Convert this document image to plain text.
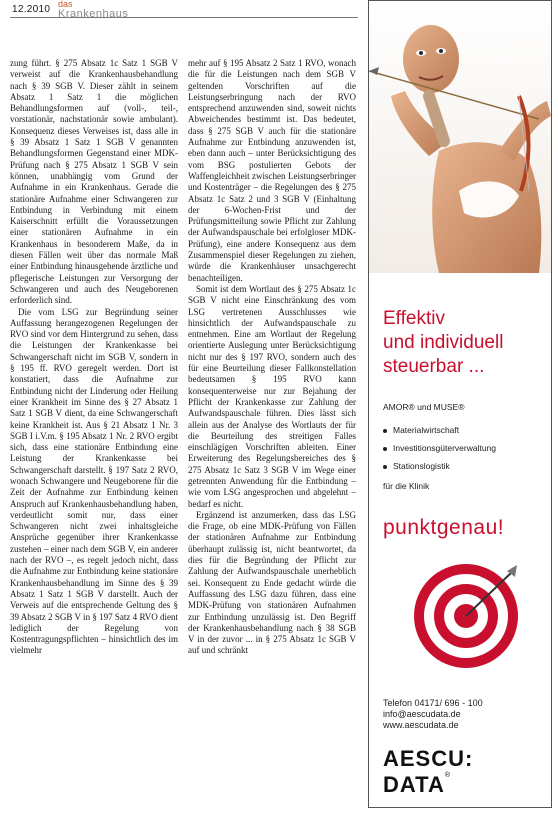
12.2010 das
Krankenhaus

zung führt. § 275 Absatz 1c Satz 1 SGB V verweist auf die Krankenhausbehandlung nach § 39 SGB V. Dieser zählt in seinem Absatz 1 Satz 1 die möglichen Behandlungsformen auf (voll-, teil-, vorstationär, nachstationär sowie ambulant). Konsequenz dieses Verweises ist, dass alle in § 39 Absatz 1 Satz 1 SGB V genannten Behandlungsformen Gegenstand einer MDK-Prüfung nach § 275 Absatz 1 SGB V sein können, unabhängig vom Grund der Aufnahme in ein Krankenhaus. Gerade die stationäre Aufnahme einer Schwangeren zur Entbindung in Verbindung mit einem Kaiserschnitt erfüllt die Voraussetzungen einer stationären Aufnahme in ein Krankenhaus in besonderem Maße, da in diesen Fällen weit über das normale Maß einer Entbindung hinausgehende ärztliche und pflegerische Leistungen zur Versorgung der Schwangeren und auch des Neugeborenen erforderlich sind.

Die vom LSG zur Begründung seiner Auffassung herangezogenen Regelungen der RVO sind vor dem Hintergrund zu sehen, dass die Leistungen der Krankenkasse bei Schwangerschaft nicht im SGB V, sondern in § 195 ff. RVO geregelt werden. Dort ist konstatiert, dass die Aufnahme zur Entbindung nicht der Linderung oder Heilung einer Krankheit im Sinne des § 27 Absatz 1 Satz 1 SGB V dient, da eine Schwangerschaft keine Krankheit ist. Aus § 21 Absatz 1 Nr. 3 SGB I i.V.m. § 195 Absatz 1 Nr. 2 RVO ergibt sich, dass eine stationäre Entbindung eine Leistung der Krankenkasse bei Schwangerschaft darstellt. § 197 Satz 2 RVO, wonach Schwangere und Neugeborene für die Zeit der Aufnahme zur Entbindung keinen Anspruch auf Krankenhausbehandlung haben, verdeutlicht somit nur, dass einer Schwangeren nicht zwei inhaltsgleiche Ansprüche gegenüber ihrer Krankenkasse zustehen – einer nach dem SGB V, ein anderer nach der RVO –, es regelt jedoch nicht, dass die Aufnahme zur Entbindung keine stationäre Krankenhausbehandlung im Sinne des § 39 Absatz 1 Satz 1 SGB V darstellt. Auch der Verweis auf die entsprechende Geltung des § 39 Absatz 2 SGB V in § 197 Satz 4 RVO dient lediglich der Regelung von Kostentragungspflichten – hinsichtlich des im vielmehr

mehr auf § 195 Absatz 2 Satz 1 RVO, wonach die für die Leistungen nach dem SGB V geltenden Vorschriften auf die Leistungserbringung nach der RVO entsprechend anzuwenden sind, soweit nichts Abweichendes bestimmt ist. Das bedeutet, dass § 275 SGB V auch für die stationäre Aufnahme zur Entbindung anzuwenden ist, eben dann auch – unter Berücksichtigung des vom BSG postulierten Gebots der Waffengleichheit zwischen Leistungserbringer und Kostenträger – die Regelungen des § 275 Absatz 1c Satz 2 und 3 SGB V (Einhaltung der 6-Wochen-Frist und der Prüfungsmitteilung sowie Pflicht zur Zahlung der Aufwandspauschale bei erfolgloser MDK-Prüfung), eine andere Konsequenz aus dem Zusammenspiel dieser Regelungen zu ziehen, würde die Krankenhäuser unsachgerecht benachteiligen.

Somit ist dem Wortlaut des § 275 Absatz 1c SGB V nicht eine Einschränkung des vom LSG vertretenen Ausschlusses wie hinsichtlich der Aufwandspauschale zu entnehmen. Eine am Wortlaut der Regelung orientierte Auslegung unter Berücksichtigung nicht nur des § 197 RVO, sondern auch des für eine Beurteilung dieser Fallkonstellation bedeutsamen § 195 RVO kann konsequenterweise nur zur Bejahung der Pflicht der Krankenkasse zur Zahlung der Aufwandspauschale führen. Dies lässt sich allein aus der Analyse des Wortlauts der für die Beurteilung des streitigen Falles einschlägigen Vorschriften ableiten. Einer Erweiterung des Regelungsbereiches des § 275 Absatz 1c Satz 3 SGB V im Wege einer getrennten Anwendung für die Entbindung – wie vom LSG angesprochen und abgelehnt – bedarf es nicht.

Ergänzend ist anzumerken, dass das LSG die Frage, ob eine MDK-Prüfung von Fällen der stationären Aufnahme zur Entbindung überhaupt zulässig ist, nicht beantwortet, da dies für die Begründung der Pflicht zur Zahlung der Aufwandspauschale unerheblich sei. Konsequent zu Ende gedacht würde die Auffassung des LSG dazu führen, dass eine MDK-Prüfung von stationären Aufnahmen zur Entbindung unzulässig ist. Den Begriff der Krankenhausbehandlung nach § 38 SGB V in der zuvor ... in § 275 Absatz 1c SGB V auf und schränkt

Effektiv
und individuell
steuerbar ...
AMOR® und MUSE®
Materialwirtschaft
Investitionsgüterverwaltung
Stationslogistik
für die Klinik
punktgenau!
Telefon 04171/ 696 - 100
info@aescudata.de
www.aescudata.de
AESCU:DATA®
